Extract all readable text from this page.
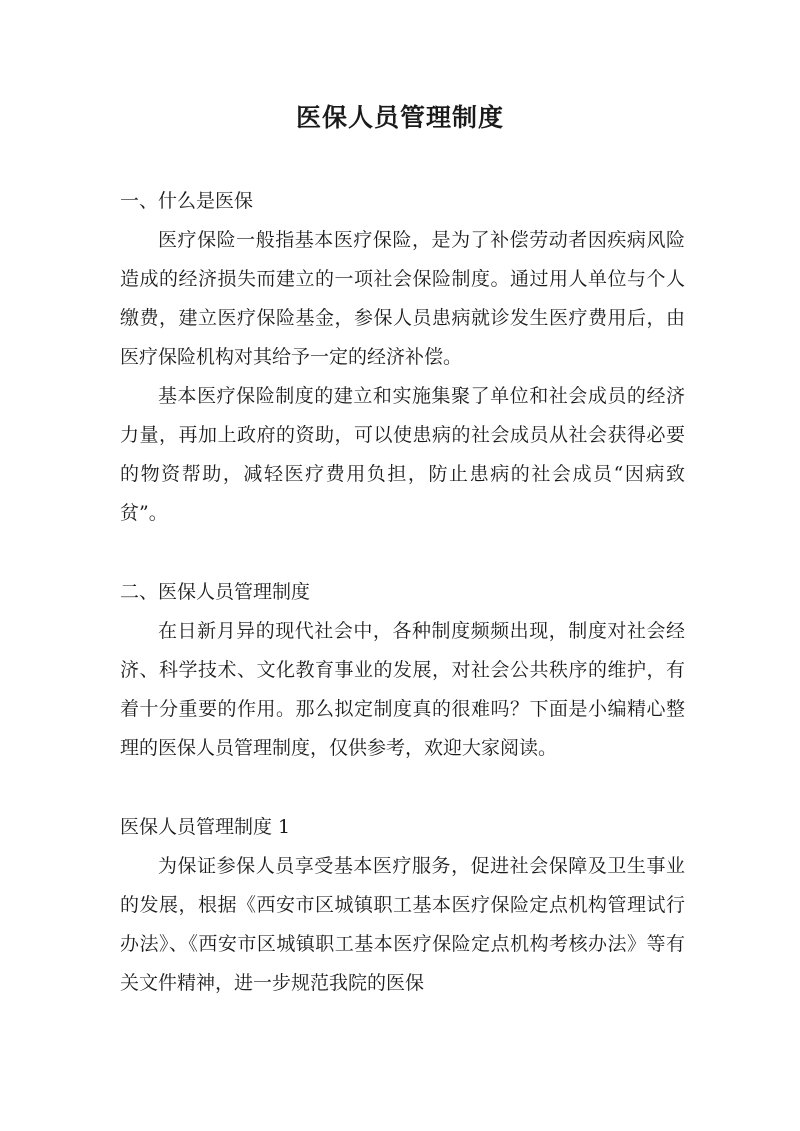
医保人员管理制度
一、什么是医保

医疗保险一般指基本医疗保险，是为了补偿劳动者因疾病风险造成的经济损失而建立的一项社会保险制度。通过用人单位与个人缴费，建立医疗保险基金，参保人员患病就诊发生医疗费用后，由医疗保险机构对其给予一定的经济补偿。

基本医疗保险制度的建立和实施集聚了单位和社会成员的经济力量，再加上政府的资助，可以使患病的社会成员从社会获得必要的物资帮助，减轻医疗费用负担，防止患病的社会成员“因病致贫”。

二、医保人员管理制度

在日新月异的现代社会中，各种制度频频出现，制度对社会经济、科学技术、文化教育事业的发展，对社会公共秩序的维护，有着十分重要的作用。那么拟定制度真的很难吗？下面是小编精心整理的医保人员管理制度，仅供参考，欢迎大家阅读。

医保人员管理制度 1

为保证参保人员享受基本医疗服务，促进社会保障及卫生事业的发展，根据《西安市区城镇职工基本医疗保险定点机构管理试行办法》、《西安市区城镇职工基本医疗保险定点机构考核办法》等有关文件精神，进一步规范我院的医保
